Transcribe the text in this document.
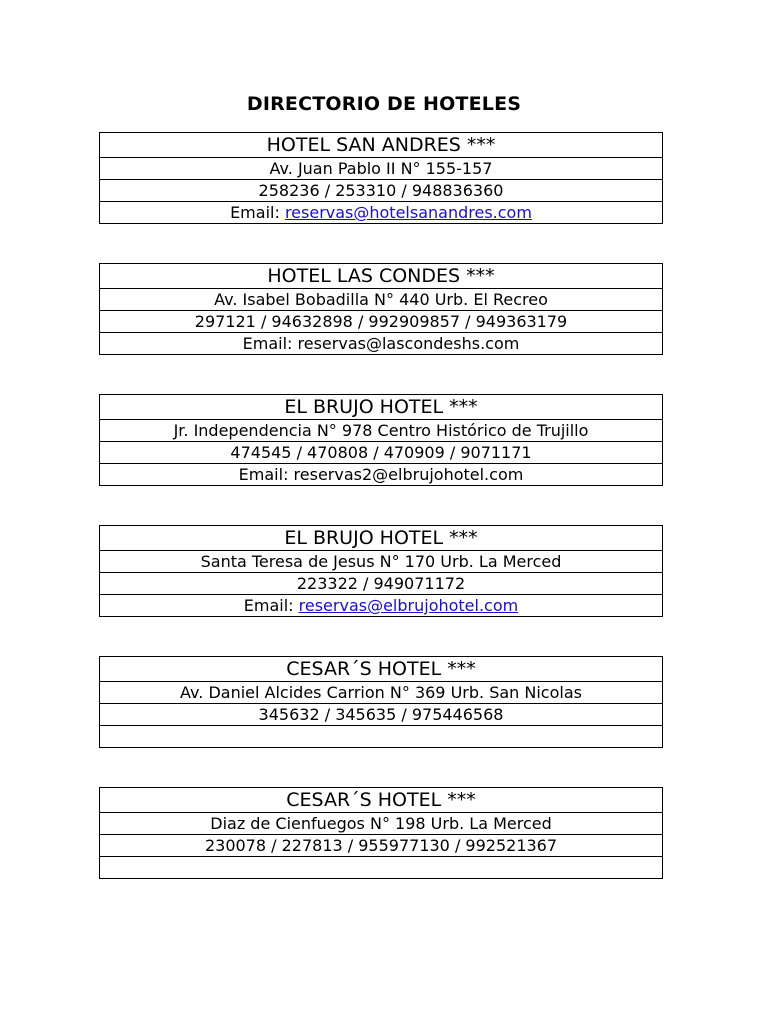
DIRECTORIO DE HOTELES
HOTEL SAN ANDRES ***
Av. Juan Pablo II N° 155-157
258236 / 253310 / 948836360
Email: reservas@hotelsanandres.com
HOTEL LAS CONDES ***
Av. Isabel Bobadilla N° 440 Urb. El Recreo
297121 / 94632898 / 992909857 / 949363179
Email: reservas@lascondeshs.com
EL BRUJO HOTEL ***
Jr. Independencia N° 978 Centro Histórico de Trujillo
474545 / 470808 / 470909 / 9071171
Email: reservas2@elbrujohotel.com
EL BRUJO HOTEL ***
Santa Teresa de Jesus N° 170 Urb. La Merced
223322 / 949071172
Email: reservas@elbrujohotel.com
CESAR´S HOTEL ***
Av. Daniel Alcides Carrion N° 369 Urb. San Nicolas
345632 / 345635 / 975446568

CESAR´S HOTEL ***
Diaz de Cienfuegos N° 198 Urb. La Merced
230078 / 227813 / 955977130 / 992521367
